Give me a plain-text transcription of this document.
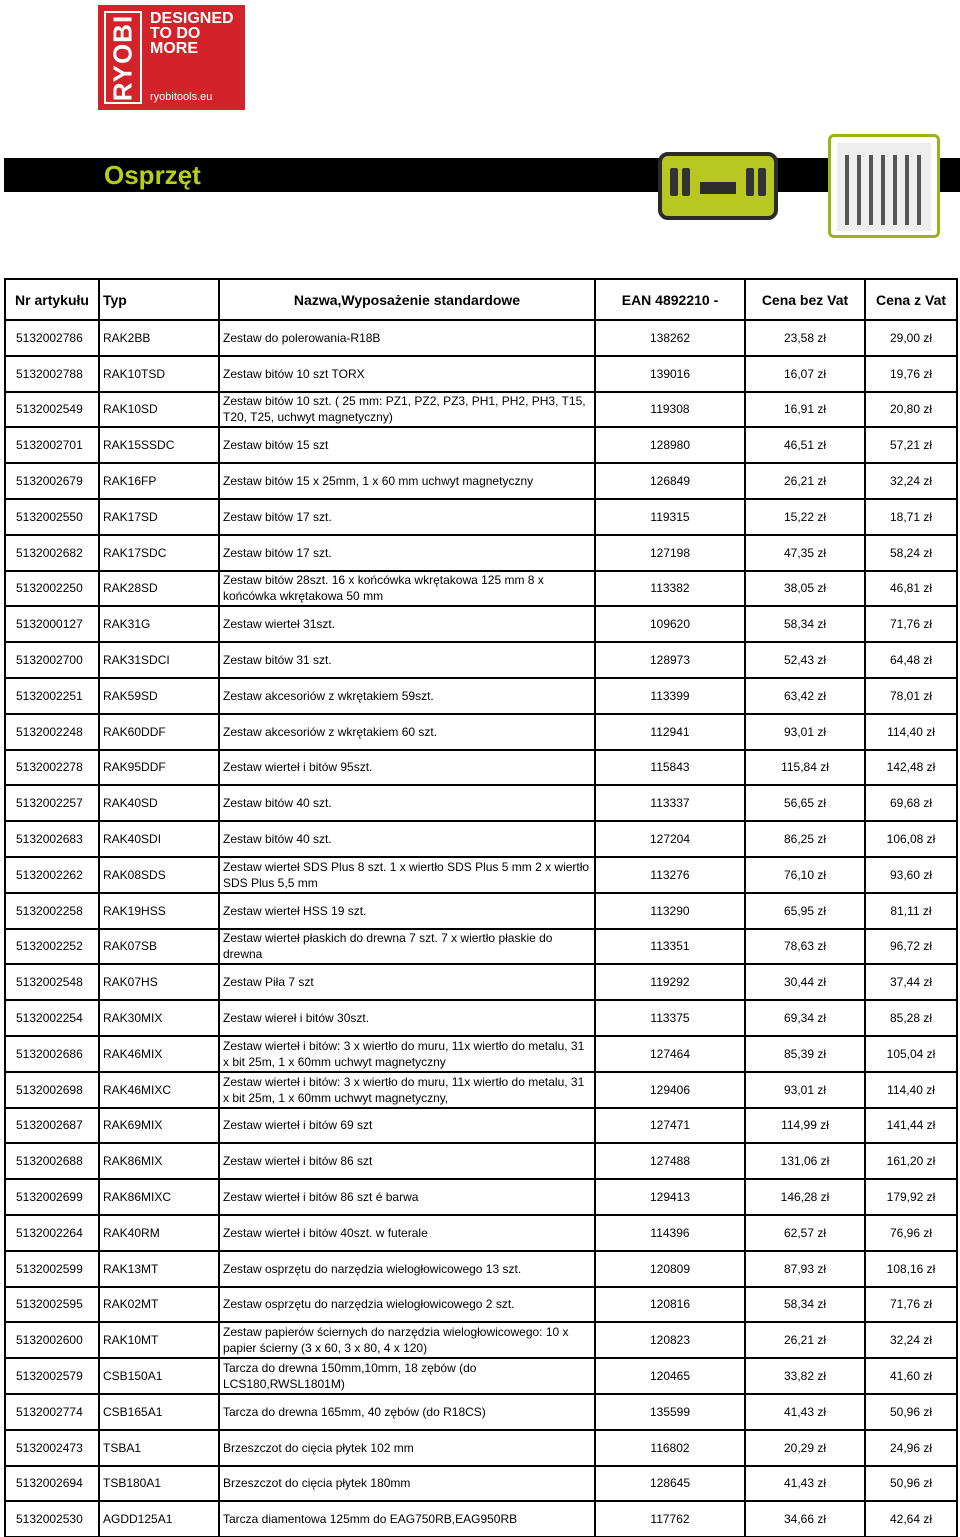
RYOBI DESIGNED
TO DO
MORE
ryobitools.eu
Osprzęt
Nr artykułu	Typ	Nazwa,Wyposażenie standardowe	EAN 4892210 -	Cena bez Vat	Cena z Vat
5132002786	RAK2BB	Zestaw do polerowania-R18B	138262	23,58 zł	29,00 zł
5132002788	RAK10TSD	Zestaw bitów 10 szt TORX	139016	16,07 zł	19,76 zł
5132002549	RAK10SD	Zestaw bitów 10 szt. ( 25 mm: PZ1, PZ2, PZ3, PH1, PH2, PH3, T15, T20, T25, uchwyt magnetyczny)	119308	16,91 zł	20,80 zł
5132002701	RAK15SSDC	Zestaw bitów 15 szt	128980	46,51 zł	57,21 zł
5132002679	RAK16FP	Zestaw bitów 15 x 25mm, 1 x 60 mm uchwyt magnetyczny	126849	26,21 zł	32,24 zł
5132002550	RAK17SD	Zestaw bitów 17 szt.	119315	15,22 zł	18,71 zł
5132002682	RAK17SDC	Zestaw bitów 17 szt.	127198	47,35 zł	58,24 zł
5132002250	RAK28SD	Zestaw bitów 28szt. 16 x końcówka wkrętakowa 125 mm 8 x końcówka wkrętakowa 50 mm	113382	38,05 zł	46,81 zł
5132000127	RAK31G	Zestaw wierteł 31szt.	109620	58,34 zł	71,76 zł
5132002700	RAK31SDCI	Zestaw bitów 31 szt.	128973	52,43 zł	64,48 zł
5132002251	RAK59SD	Zestaw akcesoriów z wkrętakiem 59szt.	113399	63,42 zł	78,01 zł
5132002248	RAK60DDF	Zestaw akcesoriów z wkrętakiem 60 szt.	112941	93,01 zł	114,40 zł
5132002278	RAK95DDF	Zestaw wierteł i bitów 95szt.	115843	115,84 zł	142,48 zł
5132002257	RAK40SD	Zestaw bitów 40 szt.	113337	56,65 zł	69,68 zł
5132002683	RAK40SDI	Zestaw bitów 40 szt.	127204	86,25 zł	106,08 zł
5132002262	RAK08SDS	Zestaw wierteł SDS Plus 8 szt. 1 x wiertło SDS Plus 5 mm 2 x wiertło SDS Plus 5,5 mm	113276	76,10 zł	93,60 zł
5132002258	RAK19HSS	Zestaw wierteł HSS 19 szt.	113290	65,95 zł	81,11 zł
5132002252	RAK07SB	Zestaw wierteł płaskich do drewna 7 szt. 7 x wiertło płaskie do drewna	113351	78,63 zł	96,72 zł
5132002548	RAK07HS	Zestaw Piła 7 szt	119292	30,44 zł	37,44 zł
5132002254	RAK30MIX	Zestaw wiereł i bitów 30szt.	113375	69,34 zł	85,28 zł
5132002686	RAK46MIX	Zestaw wierteł i bitów: 3 x wiertło do muru, 11x wiertło do metalu, 31 x bit 25m, 1 x 60mm uchwyt magnetyczny	127464	85,39 zł	105,04 zł
5132002698	RAK46MIXC	Zestaw wierteł i bitów: 3 x wiertło do muru, 11x wiertło do metalu, 31 x bit 25m, 1 x 60mm uchwyt magnetyczny,	129406	93,01 zł	114,40 zł
5132002687	RAK69MIX	Zestaw wierteł i bitów 69 szt	127471	114,99 zł	141,44 zł
5132002688	RAK86MIX	Zestaw wierteł i bitów 86 szt	127488	131,06 zł	161,20 zł
5132002699	RAK86MIXC	Zestaw wierteł i bitów 86 szt é barwa	129413	146,28 zł	179,92 zł
5132002264	RAK40RM	Zestaw wierteł i bitów 40szt. w futerale	114396	62,57 zł	76,96 zł
5132002599	RAK13MT	Zestaw osprzętu do narzędzia wielogłowicowego 13 szt.	120809	87,93 zł	108,16 zł
5132002595	RAK02MT	Zestaw osprzętu do narzędzia wielogłowicowego 2 szt.	120816	58,34 zł	71,76 zł
5132002600	RAK10MT	Zestaw papierów ściernych do narzędzia wielogłowicowego: 10 x papier ścierny (3 x 60, 3 x 80, 4 x 120)	120823	26,21 zł	32,24 zł
5132002579	CSB150A1	Tarcza do drewna 150mm,10mm, 18 zębów (do LCS180,RWSL1801M)	120465	33,82 zł	41,60 zł
5132002774	CSB165A1	Tarcza do drewna 165mm, 40 zębów (do R18CS)	135599	41,43 zł	50,96 zł
5132002473	TSBA1	Brzeszczot do cięcia płytek 102 mm	116802	20,29 zł	24,96 zł
5132002694	TSB180A1	Brzeszczot do cięcia płytek 180mm	128645	41,43 zł	50,96 zł
5132002530	AGDD125A1	Tarcza diamentowa 125mm do EAG750RB,EAG950RB	117762	34,66 zł	42,64 zł
